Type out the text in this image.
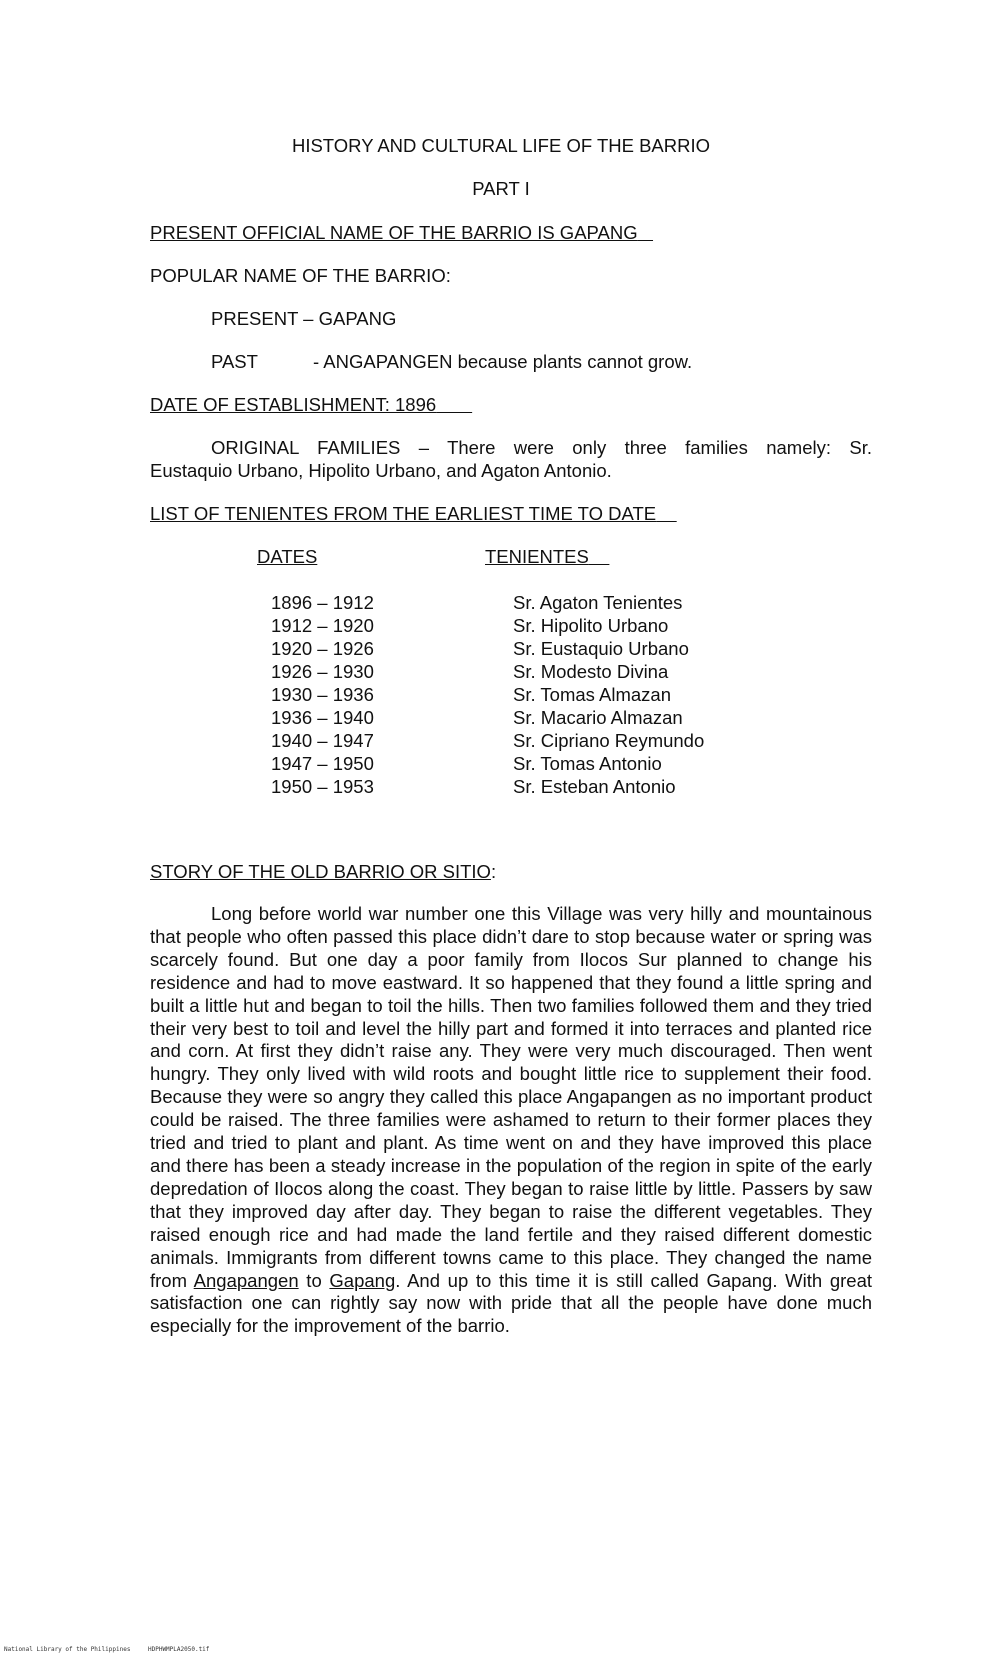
HISTORY AND CULTURAL LIFE OF THE BARRIO
PART I
PRESENT OFFICIAL NAME OF THE BARRIO IS GAPANG
POPULAR NAME OF THE BARRIO:
PRESENT – GAPANG
PAST	- ANGAPANGEN because plants cannot grow.
DATE OF ESTABLISHMENT: 1896
ORIGINAL FAMILIES – There were only three families namely: Sr.
Eustaquio Urbano, Hipolito Urbano, and Agaton Antonio.
LIST OF TENIENTES FROM THE EARLIEST TIME TO DATE
DATES	TENIENTES
1896 – 1912	Sr. Agaton Tenientes
1912 – 1920	Sr. Hipolito Urbano
1920 – 1926	Sr. Eustaquio Urbano
1926 – 1930	Sr. Modesto Divina
1930 – 1936	Sr. Tomas Almazan
1936 – 1940	Sr. Macario Almazan
1940 – 1947	Sr. Cipriano Reymundo
1947 – 1950	Sr. Tomas Antonio
1950 – 1953	Sr. Esteban Antonio
STORY OF THE OLD BARRIO OR SITIO:

Long before world war number one this Village was very hilly and mountainous that people who often passed this place didn’t dare to stop because water or spring was scarcely found. But one day a poor family from Ilocos Sur planned to change his residence and had to move eastward. It so happened that they found a little spring and built a little hut and began to toil the hills. Then two families followed them and they tried their very best to toil and level the hilly part and formed it into terraces and planted rice and corn. At first they didn’t raise any. They were very much discouraged. Then went hungry. They only lived with wild roots and bought little rice to supplement their food. Because they were so angry they called this place Angapangen as no important product could be raised. The three families were ashamed to return to their former places they tried and tried to plant and plant. As time went on and they have improved this place and there has been a steady increase in the population of the region in spite of the early depredation of Ilocos along the coast. They began to raise little by little. Passers by saw that they improved day after day. They began to raise the different vegetables. They raised enough rice and had made the land fertile and they raised different domestic animals. Immigrants from different towns came to this place. They changed the name from Angapangen to Gapang. And up to this time it is still called Gapang. With great satisfaction one can rightly say now with pride that all the people have done much especially for the improvement of the barrio.

National Library of the Philippines	HDPHWMPLA2050.tif
